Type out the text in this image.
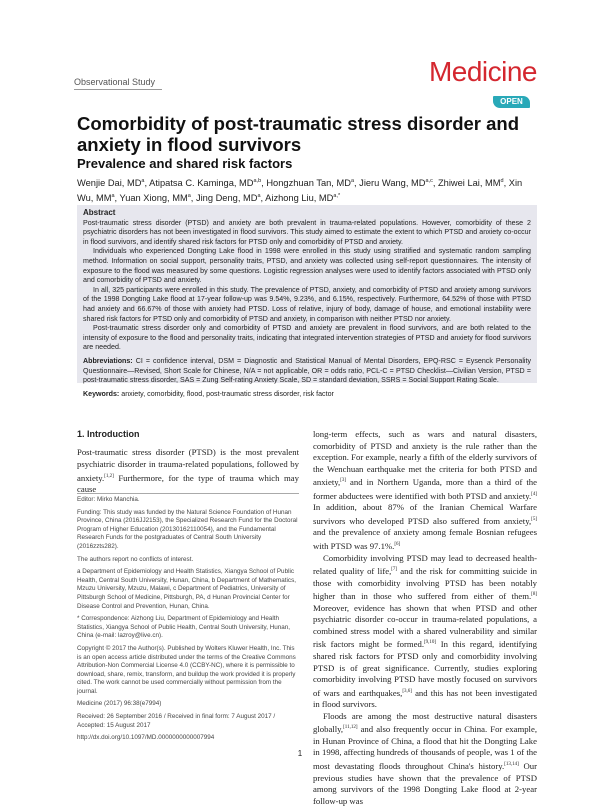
Observational Study	Medicine
OPEN
Comorbidity of post-traumatic stress disorder and anxiety in flood survivors
Prevalence and shared risk factors
Wenjie Dai, $MD^a$, Atipatsa C. Kaminga, MD$^{a,b}$, Hongzhuan Tan, $MD^a$, Jieru Wang, MD$^{a,c}$, Zhiwei Lai, $MM^d$, Xin Wu, $MM^a$, Yuan Xiong, $MM^a$, Jing Deng, $MD^a$, Aizhong Liu, $MD^{a,*}$
Abstract

Post-traumatic stress disorder (PTSD) and anxiety are both prevalent in trauma-related populations. However, comorbidity of these 2 psychiatric disorders has not been investigated in flood survivors. This study aimed to estimate the extent to which PTSD and anxiety co-occur in flood survivors, and identify shared risk factors for PTSD only and comorbidity of PTSD and anxiety.

Individuals who experienced Dongting Lake flood in 1998 were enrolled in this study using stratified and systematic random sampling method. Information on social support, personality traits, PTSD, and anxiety was collected using self-report questionnaires. The intensity of exposure to the flood was measured by some questions. Logistic regression analyses were used to identify factors associated with PTSD only and comorbidity of PTSD and anxiety.

In all, 325 participants were enrolled in this study. The prevalence of PTSD, anxiety, and comorbidity of PTSD and anxiety among survivors of the 1998 Dongting Lake flood at 17-year follow-up was 9.54%, 9.23%, and 6.15%, respectively. Furthermore, 64.52% of those with PTSD had anxiety and 66.67% of those with anxiety had PTSD. Loss of relative, injury of body, damage of house, and emotional instability were shared risk factors for PTSD only and comorbidity of PTSD and anxiety, in comparison with neither PTSD nor anxiety.

Post-traumatic stress disorder only and comorbidity of PTSD and anxiety are prevalent in flood survivors, and are both related to the intensity of exposure to the flood and personality traits, indicating that integrated intervention strategies of PTSD and anxiety for flood survivors are needed.

Abbreviations: CI = confidence interval, DSM = Diagnostic and Statistical Manual of Mental Disorders, EPQ-RSC = Eysenck Personality Questionnaire—Revised, Short Scale for Chinese, N/A = not applicable, OR = odds ratio, PCL-C = PTSD Checklist—Civilian Version, PTSD = post-traumatic stress disorder, SAS = Zung Self-rating Anxiety Scale, SD = standard deviation, SSRS = Social Support Rating Scale.
Keywords: anxiety, comorbidity, flood, post-traumatic stress disorder, risk factor
1. Introduction
Post-traumatic stress disorder (PTSD) is the most prevalent psychiatric disorder in trauma-related populations, followed by anxiety.[1,2] Furthermore, for the type of trauma which may cause

Editor: Mirko Manchia.

Funding: This study was funded by the Natural Science Foundation of Hunan Province, China (2016JJ2153), the Specialized Research Fund for the Doctoral Program of Higher Education (20130162110054), and the Fundamental Research Funds for the postgraduates of Central South University (2016zzts282).

The authors report no conflicts of interest.

a Department of Epidemiology and Health Statistics, Xiangya School of Public Health, Central South University, Hunan, China, b Department of Mathematics, Mzuzu University, Mzuzu, Malawi, c Department of Pediatrics, University of Pittsburgh School of Medicine, Pittsburgh, PA, d Hunan Provincial Center for Disease Control and Prevention, Hunan, China.

* Correspondence: Aizhong Liu, Department of Epidemiology and Health Statistics, Xiangya School of Public Health, Central South University, Hunan, China (e-mail: lazroy@live.cn).

Copyright © 2017 the Author(s). Published by Wolters Kluwer Health, Inc. This is an open access article distributed under the terms of the Creative Commons Attribution-Non Commercial License 4.0 (CCBY-NC), where it is permissible to download, share, remix, transform, and buildup the work provided it is properly cited. The work cannot be used commercially without permission from the journal.

Medicine (2017) 96:38(e7994)

Received: 26 September 2016 / Received in final form: 7 August 2017 / Accepted: 15 August 2017

http://dx.doi.org/10.1097/MD.0000000000007994

long-term effects, such as wars and natural disasters, comorbidity of PTSD and anxiety is the rule rather than the exception. For example, nearly a fifth of the elderly survivors of the Wenchuan earthquake met the criteria for both PTSD and anxiety,[3] and in Northern Uganda, more than a third of the former abductees were identified with both PTSD and anxiety.[4] In addition, about 87% of the Iranian Chemical Warfare survivors who developed PTSD also suffered from anxiety,[5] and the prevalence of anxiety among female Bosnian refugees with PTSD was 97.1%.[6]

Comorbidity involving PTSD may lead to decreased health-related quality of life,[7] and the risk for committing suicide in those with comorbidity involving PTSD has been notably higher than in those who suffered from either of them.[8] Moreover, evidence has shown that when PTSD and other psychiatric disorder co-occur in trauma-related populations, a combined stress model with a shared vulnerability and similar risk factors might be formed.[9,10] In this regard, identifying shared risk factors for PTSD only and comorbidity involving PTSD is of great significance. Currently, studies exploring comorbidity involving PTSD have mostly focused on survivors of wars and earthquakes,[3,6] and this has not been investigated in flood survivors.

Floods are among the most destructive natural disasters globally,[11,12] and also frequently occur in China. For example, in Hunan Province of China, a flood that hit the Dongting Lake in 1998, affecting hundreds of thousands of people, was 1 of the most devastating floods throughout China's history.[13,14] Our previous studies have shown that the prevalence of PTSD among survivors of the 1998 Dongting Lake flood at 2-year follow-up was

1
